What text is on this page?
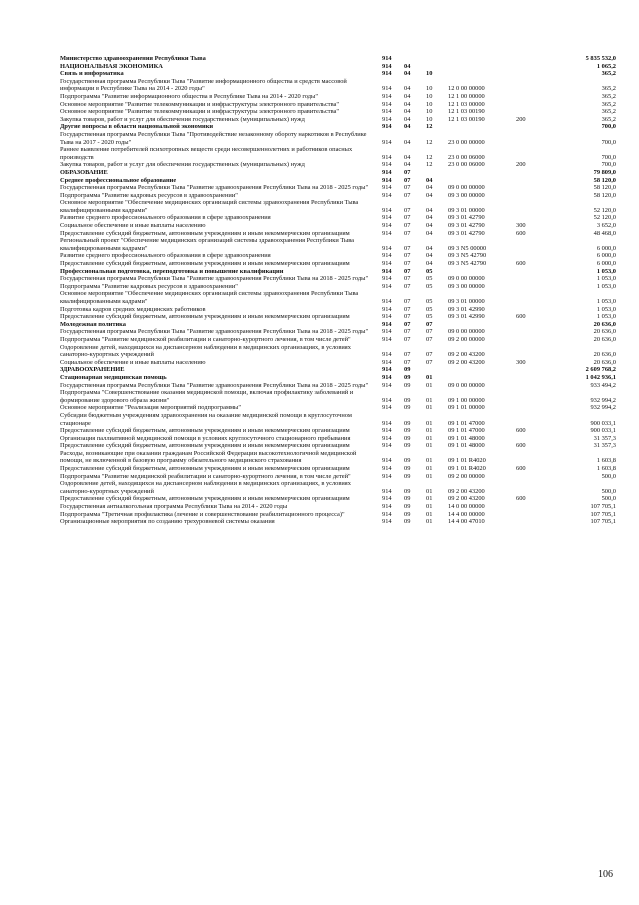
Министерство здравоохранения Республики Тыва	914					5 835 532,0
НАЦИОНАЛЬНАЯ ЭКОНОМИКА	914	04				1 065,2
Связь и информатика	914	04	10			365,2
Государственная программа Республики Тыва "Развитие информационного общества и средств массовой информации в Республике Тыва на 2014 - 2020 годы"	914	04	10	12 0 00 00000		365,2
Подпрограмма "Развитие информационного общества в Республике Тыва на 2014 - 2020 годы"	914	04	10	12 1 00 00000		365,2
Основное мероприятие "Развитие телекоммуникации и инфраструктуры электронного правительства"	914	04	10	12 1 03 00000		365,2
Основное мероприятие "Развитие телекоммуникации и инфраструктуры электронного правительства"	914	04	10	12 1 03 00190		365,2
Закупка товаров, работ и услуг для обеспечения государственных (муниципальных) нужд	914	04	10	12 1 03 00190	200	365,2
Другие вопросы в области национальной экономики	914	04	12			700,0
Государственная программа Республики Тыва "Противодействие незаконному обороту наркотиков в Республике Тыва на 2017 - 2020 годы"	914	04	12	23 0 00 00000		700,0
Раннее выявление потребителей психотропных веществ среди несовершеннолетних и работников опасных производств	914	04	12	23 0 00 06000		700,0
Закупка товаров, работ и услуг для обеспечения государственных (муниципальных) нужд	914	04	12	23 0 00 06000	200	700,0
ОБРАЗОВАНИЕ	914	07				79 809,0
Среднее профессиональное образование	914	07	04			58 120,0
Государственная программа Республики Тыва "Развитие здравоохранения Республики Тыва на 2018 - 2025 годы"	914	07	04	09 0 00 00000		58 120,0
Подпрограмма "Развитие кадровых ресурсов в здравоохранении"	914	07	04	09 3 00 00000		58 120,0
Основное мероприятие "Обеспечение медицинских организаций системы здравоохранения Республики Тыва квалифицированными кадрами"	914	07	04	09 3 01 00000		52 120,0
Развитие среднего профессионального образования в сфере здравоохранения	914	07	04	09 3 01 42790		52 120,0
Социальное обеспечение и иные выплаты населению	914	07	04	09 3 01 42790	300	3 652,0
Предоставление субсидий бюджетным, автономным учреждениям и иным некоммерческим организациям	914	07	04	09 3 01 42790	600	48 468,0
Региональный проект "Обеспечение медицинских организаций системы здравоохранения Республики Тыва квалифицированными кадрами"	914	07	04	09 3 N5 00000		6 000,0
Развитие среднего профессионального образования в сфере здравоохранения	914	07	04	09 3 N5 42790		6 000,0
Предоставление субсидий бюджетным, автономным учреждениям и иным некоммерческим организациям	914	07	04	09 3 N5 42790	600	6 000,0
Профессиональная подготовка, переподготовка и повышение квалификации	914	07	05			1 053,0
Государственная программа Республики Тыва "Развитие здравоохранения Республики Тыва на 2018 - 2025 годы"	914	07	05	09 0 00 00000		1 053,0
Подпрограмма "Развитие кадровых ресурсов в здравоохранении"	914	07	05	09 3 00 00000		1 053,0
Основное мероприятие "Обеспечение медицинских организаций системы здравоохранения Республики Тыва квалифицированными кадрами"	914	07	05	09 3 01 00000		1 053,0
Подготовка кадров средних медицинских работников	914	07	05	09 3 01 42990		1 053,0
Предоставление субсидий бюджетным, автономным учреждениям и иным некоммерческим организациям	914	07	05	09 3 01 42990	600	1 053,0
Молодежная политика	914	07	07			20 636,0
Государственная программа Республики Тыва "Развитие здравоохранения Республики Тыва на 2018 - 2025 годы"	914	07	07	09 0 00 00000		20 636,0
Подпрограмма "Развитие медицинской реабилитации и санаторно-курортного лечения, в том числе детей"	914	07	07	09 2 00 00000		20 636,0
Оздоровление детей, находящихся на диспансерном наблюдении в медицинских организациях, в условиях санаторно-курортных учреждений	914	07	07	09 2 00 43200		20 636,0
Социальное обеспечение и иные выплаты населению	914	07	07	09 2 00 43200	300	20 636,0
ЗДРАВООХРАНЕНИЕ	914	09				2 609 768,2
Стационарная медицинская помощь	914	09	01			1 042 936,1
Государственная программа Республики Тыва "Развитие здравоохранения Республики Тыва на 2018 - 2025 годы"	914	09	01	09 0 00 00000		933 494,2
Подпрограмма "Совершенствование оказания медицинской помощи, включая профилактику заболеваний и формирование здорового образа жизни"	914	09	01	09 1 00 00000		932 994,2
Основное мероприятие "Реализация мероприятий подпрограммы"	914	09	01	09 1 01 00000		932 994,2
Субсидии бюджетным учреждениям здравоохранения на оказание медицинской помощи в круглосуточном стационаре	914	09	01	09 1 01 47000		900 033,1
Предоставление субсидий бюджетным, автономным учреждениям и иным некоммерческим организациям	914	09	01	09 1 01 47000	600	900 033,1
Организация паллиативной медицинской помощи в условиях круглосуточного стационарного пребывания	914	09	01	09 1 01 48000		31 357,3
Предоставление субсидий бюджетным, автономным учреждениям и иным некоммерческим организациям	914	09	01	09 1 01 48000	600	31 357,3
Расходы, возникающие при оказании гражданам Российской Федерации высокотехнологичной медицинской помощи, не включенной в базовую программу обязательного медицинского страхования	914	09	01	09 1 01 R4020		1 603,8
Предоставление субсидий бюджетным, автономным учреждениям и иным некоммерческим организациям	914	09	01	09 1 01 R4020	600	1 603,8
Подпрограмма "Развитие медицинской реабилитации и санаторно-курортного лечения, в том числе детей"	914	09	01	09 2 00 00000		500,0
Оздоровление детей, находящихся на диспансерном наблюдении в медицинских организациях, в условиях санаторно-курортных учреждений	914	09	01	09 2 00 43200		500,0
Предоставление субсидий бюджетным, автономным учреждениям и иным некоммерческим организациям	914	09	01	09 2 00 43200	600	500,0
Государственная антиалкогольная программа Республики Тыва на 2014 - 2020 годы	914	09	01	14 0 00 00000		107 705,1
Подпрограмма "Третичная профилактика (лечение и совершенствование реабилитационного процесса)"	914	09	01	14 4 00 00000		107 705,1
Организационные мероприятия по созданию трехуровневой системы оказания	914	09	01	14 4 00 47010		107 705,1
106
